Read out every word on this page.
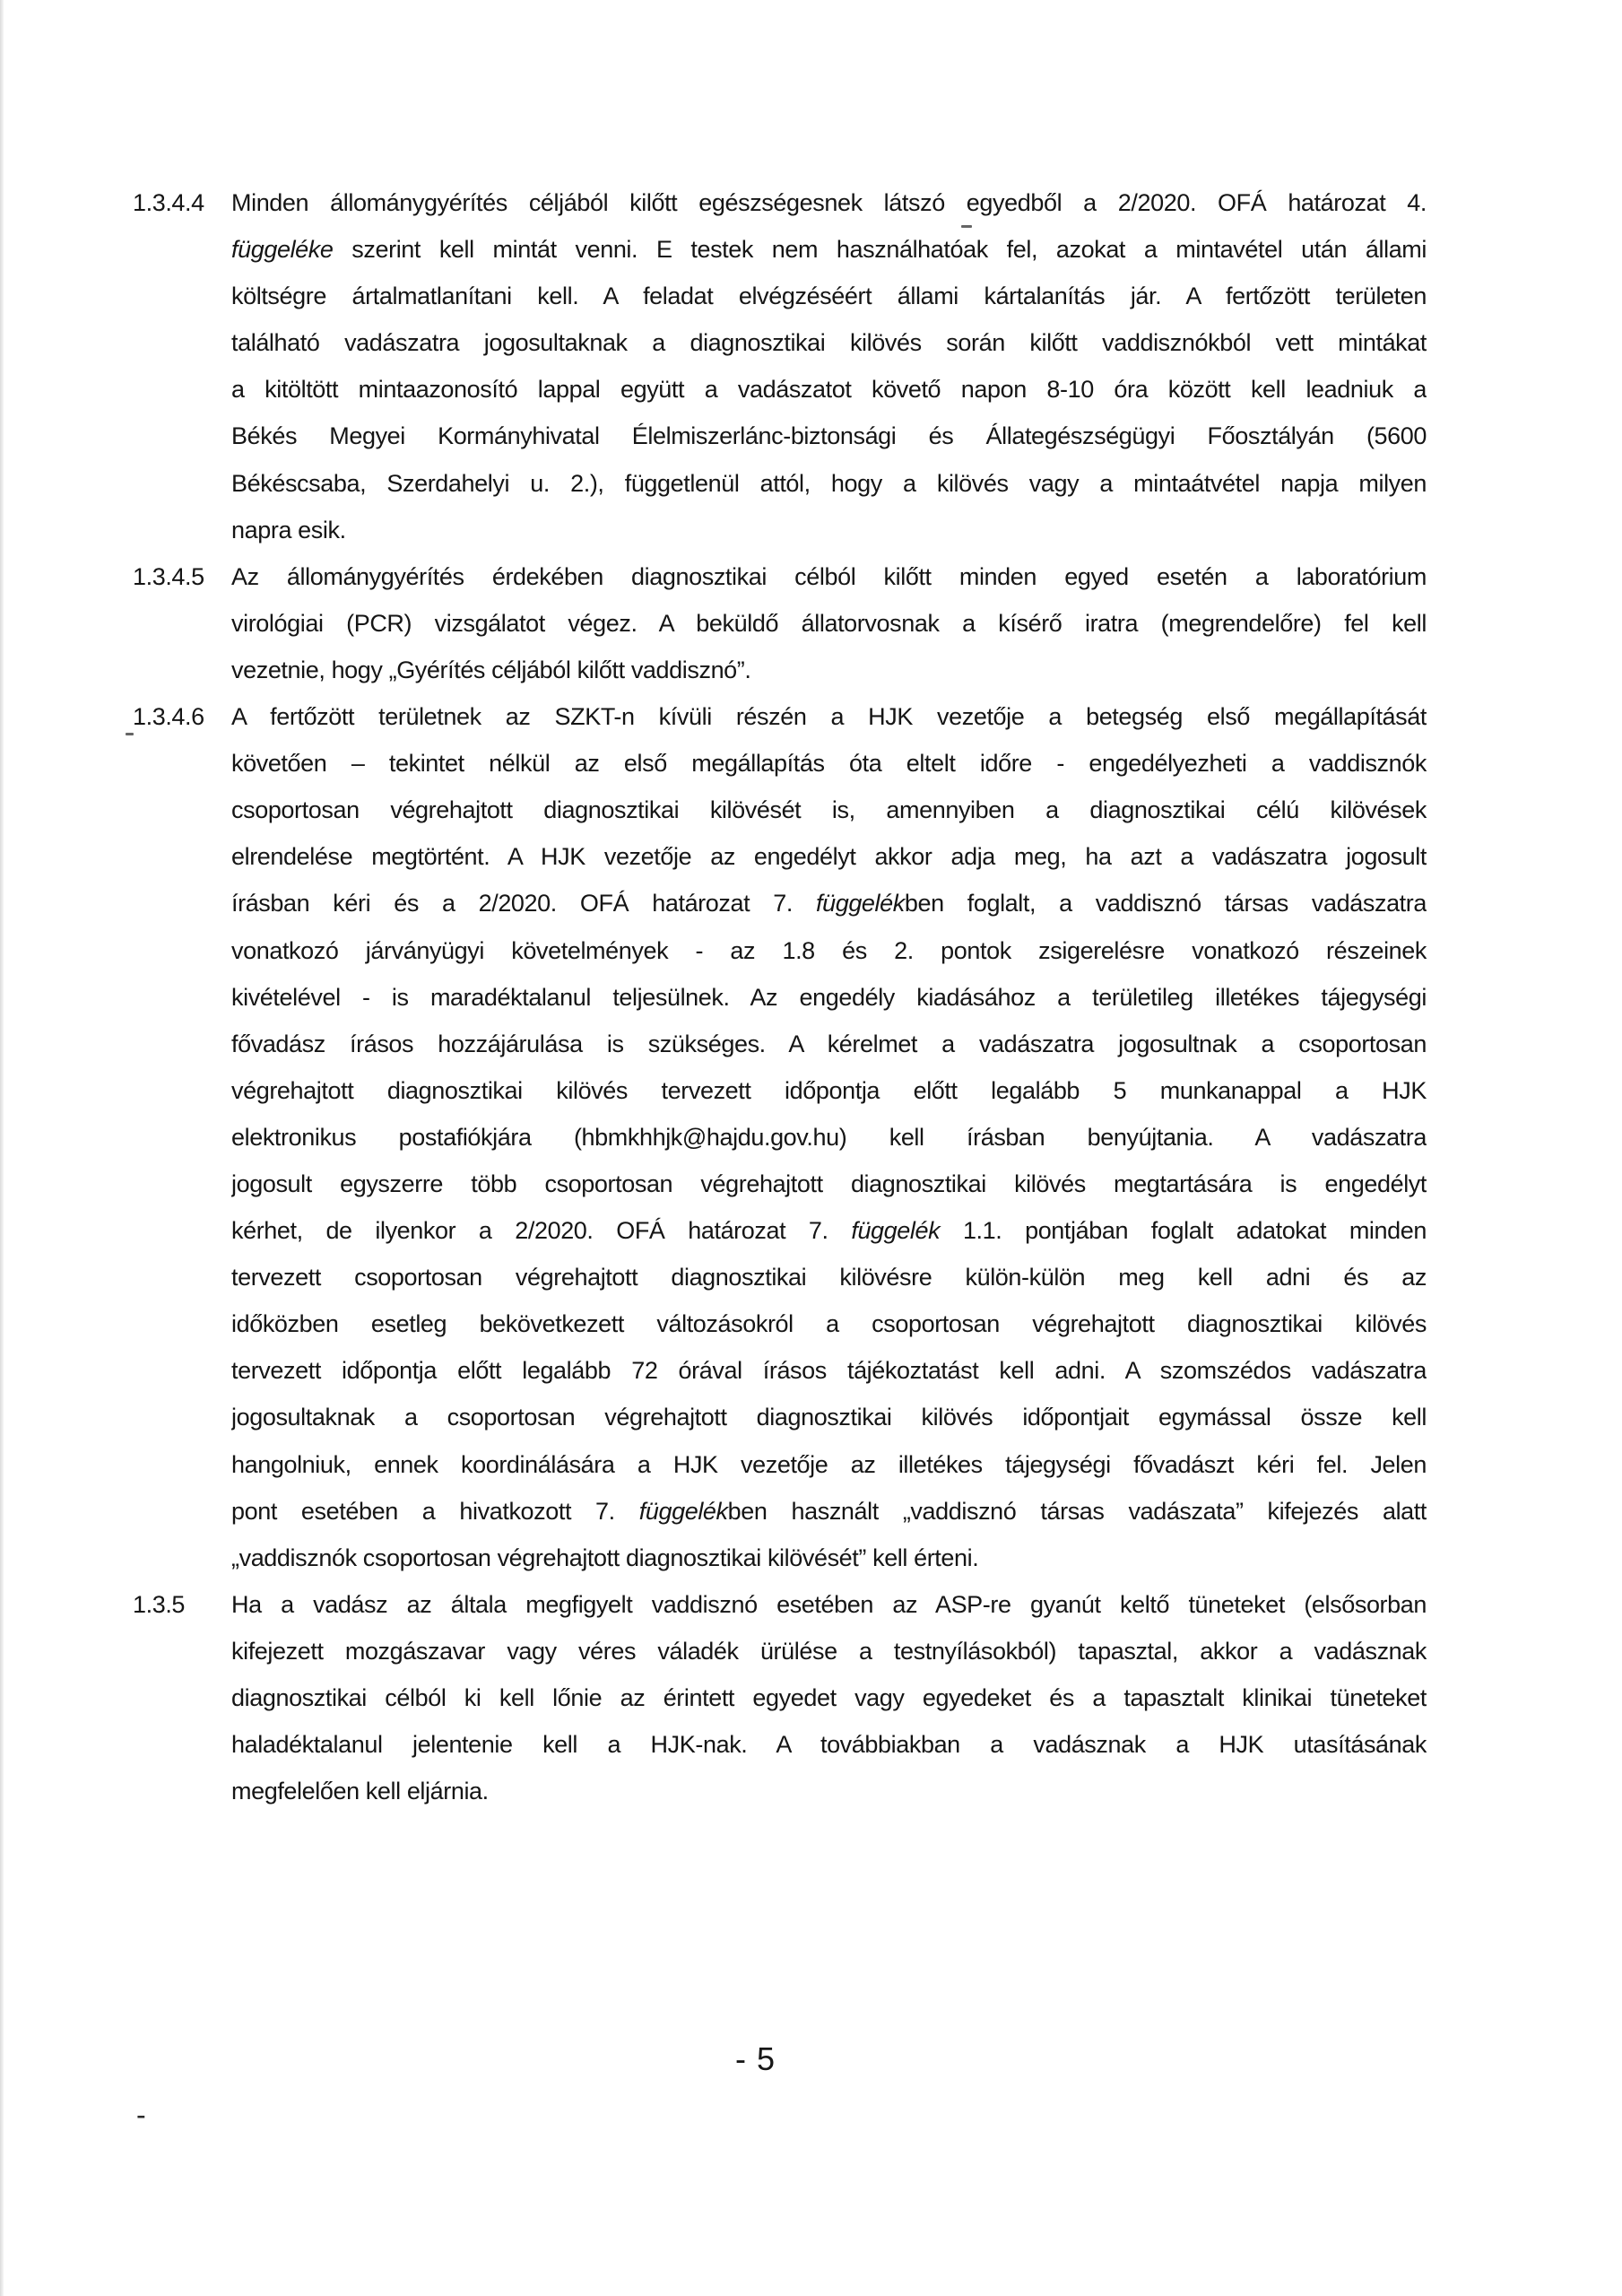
1.3.4.4	Minden állománygyérítés céljából kilőtt egészségesnek látszó egyedből a 2/2020. OFÁ határozat 4.
függeléke szerint kell mintát venni. E testek nem használhatóak fel, azokat a mintavétel után állami
költségre ártalmatlanítani kell. A feladat elvégzéséért állami kártalanítás jár. A fertőzött területen
található vadászatra jogosultaknak a diagnosztikai kilövés során kilőtt vaddisznókból vett mintákat
a kitöltött mintaazonosító lappal együtt a vadászatot követő napon 8-10 óra között kell leadniuk a
Békés Megyei Kormányhivatal Élelmiszerlánc-biztonsági és Állategészségügyi Főosztályán (5600
Békéscsaba, Szerdahelyi u. 2.), függetlenül attól, hogy a kilövés vagy a mintaátvétel napja milyen
napra esik.
1.3.4.5	Az állománygyérítés érdekében diagnosztikai célból kilőtt minden egyed esetén a laboratórium
virológiai (PCR) vizsgálatot végez. A beküldő állatorvosnak a kísérő iratra (megrendelőre) fel kell
vezetnie, hogy „Gyérítés céljából kilőtt vaddisznó”.
1.3.4.6	A fertőzött területnek az SZKT-n kívüli részén a HJK vezetője a betegség első megállapítását
követően – tekintet nélkül az első megállapítás óta eltelt időre - engedélyezheti a vaddisznók
csoportosan végrehajtott diagnosztikai kilövését is, amennyiben a diagnosztikai célú kilövések
elrendelése megtörtént. A HJK vezetője az engedélyt akkor adja meg, ha azt a vadászatra jogosult
írásban kéri és a 2/2020. OFÁ határozat 7. függelékben foglalt, a vaddisznó társas vadászatra
vonatkozó járványügyi követelmények - az 1.8 és 2. pontok zsigerelésre vonatkozó részeinek
kivételével - is maradéktalanul teljesülnek. Az engedély kiadásához a területileg illetékes tájegységi
fővadász írásos hozzájárulása is szükséges. A kérelmet a vadászatra jogosultnak a csoportosan
végrehajtott diagnosztikai kilövés tervezett időpontja előtt legalább 5 munkanappal a HJK
elektronikus postafiókjára (hbmkhhjk@hajdu.gov.hu) kell írásban benyújtania. A vadászatra
jogosult egyszerre több csoportosan végrehajtott diagnosztikai kilövés megtartására is engedélyt
kérhet, de ilyenkor a 2/2020. OFÁ határozat 7. függelék 1.1. pontjában foglalt adatokat minden
tervezett csoportosan végrehajtott diagnosztikai kilövésre külön-külön meg kell adni és az
időközben esetleg bekövetkezett változásokról a csoportosan végrehajtott diagnosztikai kilövés
tervezett időpontja előtt legalább 72 órával írásos tájékoztatást kell adni. A szomszédos vadászatra
jogosultaknak a csoportosan végrehajtott diagnosztikai kilövés időpontjait egymással össze kell
hangolniuk, ennek koordinálására a HJK vezetője az illetékes tájegységi fővadászt kéri fel. Jelen
pont esetében a hivatkozott 7. függelékben használt „vaddisznó társas vadászata” kifejezés alatt
„vaddisznók csoportosan végrehajtott diagnosztikai kilövését” kell érteni.
1.3.5	Ha a vadász az általa megfigyelt vaddisznó esetében az ASP-re gyanút keltő tüneteket (elsősorban
kifejezett mozgászavar vagy véres váladék ürülése a testnyílásokból) tapasztal, akkor a vadásznak
diagnosztikai célból ki kell lőnie az érintett egyedet vagy egyedeket és a tapasztalt klinikai tüneteket
haladéktalanul jelentenie kell a HJK-nak. A továbbiakban a vadásznak a HJK utasításának
megfelelően kell eljárnia.
- 5
-
